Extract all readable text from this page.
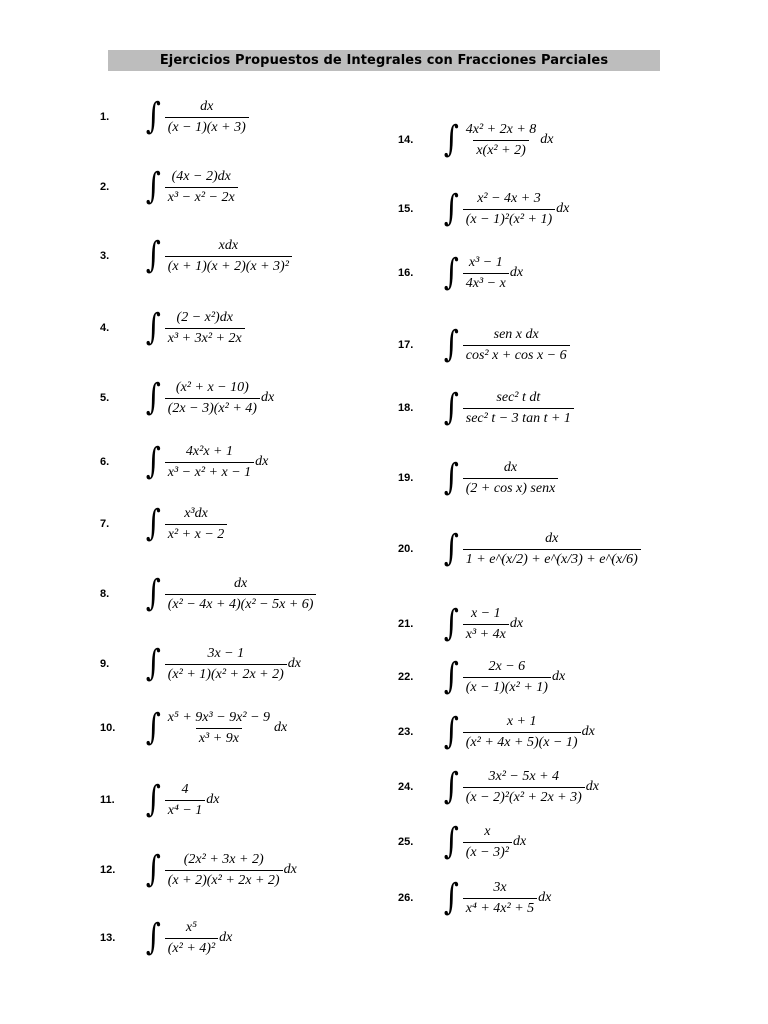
Ejercicios Propuestos de Integrales con Fracciones Parciales
1.	∫ $\frac{dx}{(x - 1)(x + 3)}$
2.	∫ $\frac{(4x - 2)dx}{\text{x³ − x² − 2x}}$
3.	∫ $\frac{\text{xdx}}{\text{(x + 1)(x + 2)(x + 3)²}}$
4.	∫ $\frac{\text{(2 − x²)dx}}{\text{x³ + 3x² + 2x}}$
5.	∫ $\frac{\text{(x² + x − 10)}}{\text{(2x − 3)(x² + 4)}}$ dx
6.	∫ $\frac{\text{4x²x + 1}}{\text{x³ − x² + x − 1}}$ dx
7.	∫ $\frac{\text{x³dx}}{\text{x² + x − 2}}$
8.	∫ $\frac{dx}{\text{(x² − 4x + 4)(x² − 5x + 6)}}$
9.	∫ $\frac{3x - 1}{\text{(x² + 1)(x² + 2x + 2)}}$ dx
10. ∫ $\frac{\text{x⁵ + 9x³ − 9x² − 9}}{\text{x³ + 9x}}$ dx
11. ∫ $\frac{4}{\text{x⁴ − 1}}$ dx
12. ∫ $\frac{\text{(2x² + 3x + 2)}}{\text{(x + 2)(x² + 2x + 2)}}$ dx
13. ∫ $\frac{\text{x⁵}}{\text{(x² + 4)²}}$ dx
14. ∫ $\frac{\text{4x² + 2x + 8}}{\text{x(x² + 2)}}$ dx
15. ∫ $\frac{\text{x² − 4x + 3}}{\text{(x − 1)²(x² + 1)}}$ dx
16. ∫ $\frac{\text{x³ − 1}}{\text{4x³ − x}}$ dx
17. ∫ $\frac{\text{sen x dx}}{\text{cos² x + cos x − 6}}$
18. ∫ $\frac{\text{sec² t dt}}{\text{sec² t − 3 tan t + 1}}$
19. ∫ $\frac{dx}{\text{(2 + cos x) senx}}$
20. ∫ $\frac{dx}{1 + e\^{}(x/2) + e\^{}(x/3) + e\^{}(x/6)}$
21. ∫ $\frac{x - 1}{\text{x³ + 4x}}$ dx
22. ∫ $\frac{2x - 6}{\text{(x − 1)(x² + 1)}}$ dx
23. ∫ $\frac{x + 1}{\text{(x² + 4x + 5)(x − 1)}}$ dx
24. ∫ $\frac{\text{3x² − 5x + 4}}{\text{(x − 2)²(x² + 2x + 3)}}$ dx
25. ∫ $\frac{x}{\text{(x − 3)²}}$ dx
26. ∫ $\frac{3x}{\text{x⁴ + 4x² + 5}}$ dx
